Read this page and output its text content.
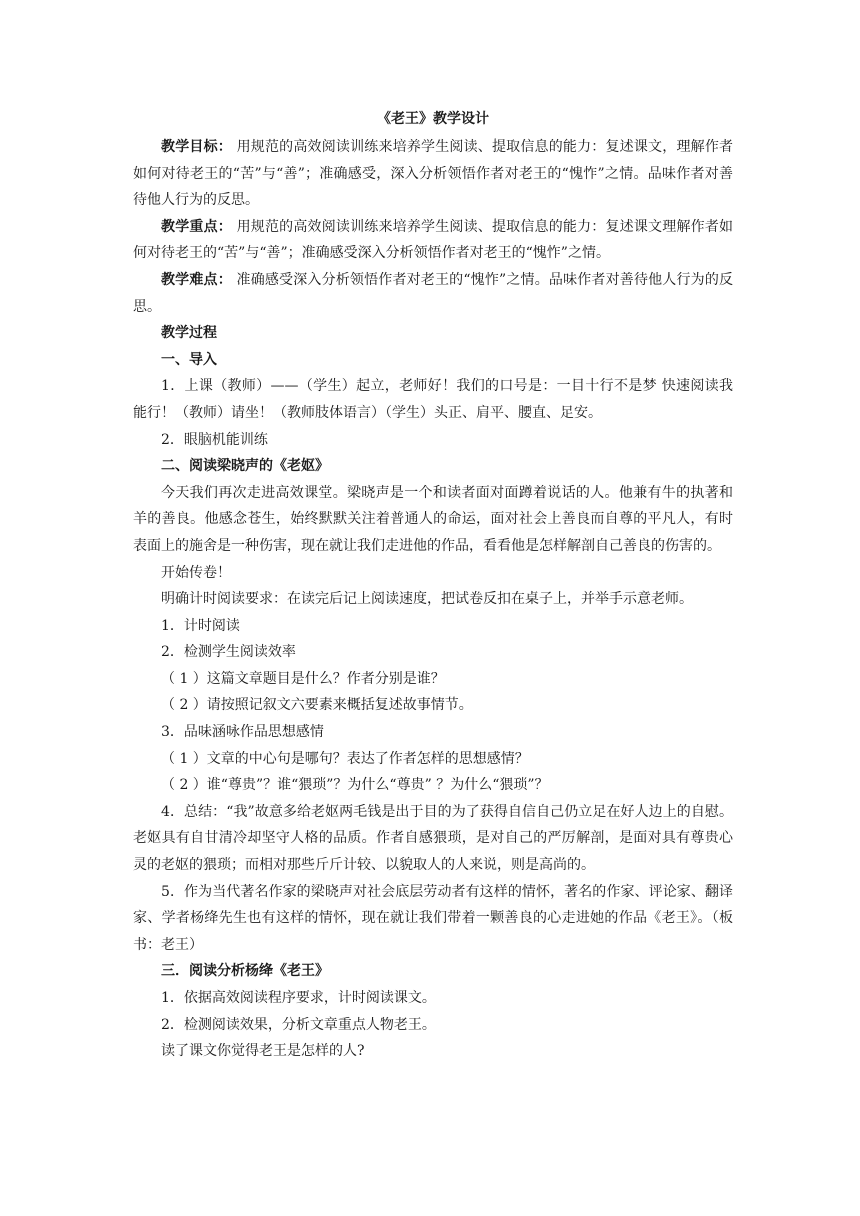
《老王》教学设计

教学目标： 用规范的高效阅读训练来培养学生阅读、提取信息的能力：复述课文，理解作者如何对待老王的“苦”与“善”；准确感受，深入分析领悟作者对老王的“愧怍”之情。品味作者对善待他人行为的反思。

教学重点： 用规范的高效阅读训练来培养学生阅读、提取信息的能力：复述课文理解作者如何对待老王的“苦”与“善”；准确感受深入分析领悟作者对老王的“愧怍”之情。

教学难点： 准确感受深入分析领悟作者对老王的“愧怍”之情。品味作者对善待他人行为的反思。

教学过程

一、导入

1．上课（教师）——（学生）起立，老师好！我们的口号是：一目十行不是梦 快速阅读我能行！（教师）请坐！（教师肢体语言）（学生）头正、肩平、腰直、足安。

2．眼脑机能训练

二、阅读梁晓声的《老妪》

今天我们再次走进高效课堂。梁晓声是一个和读者面对面蹲着说话的人。他兼有牛的执著和羊的善良。他感念苍生，始终默默关注着普通人的命运，面对社会上善良而自尊的平凡人，有时表面上的施舍是一种伤害，现在就让我们走进他的作品，看看他是怎样解剖自己善良的伤害的。

开始传卷！

明确计时阅读要求：在读完后记上阅读速度，把试卷反扣在桌子上，并举手示意老师。

1．计时阅读

2．检测学生阅读效率

（ 1 ）这篇文章题目是什么？作者分别是谁？

（ 2 ）请按照记叙文六要素来概括复述故事情节。

3．品味涵咏作品思想感情

（ 1 ）文章的中心句是哪句？表达了作者怎样的思想感情？

（ 2 ）谁“尊贵”？谁“猥琐”？为什么“尊贵” ？为什么“猥琐”？

4．总结：“我”故意多给老妪两毛钱是出于目的为了获得自信自己仍立足在好人边上的自慰。老妪具有自甘清冷却坚守人格的品质。作者自感猥琐，是对自己的严厉解剖，是面对具有尊贵心灵的老妪的猥琐；而相对那些斤斤计较、以貌取人的人来说，则是高尚的。

5．作为当代著名作家的梁晓声对社会底层劳动者有这样的情怀，著名的作家、评论家、翻译家、学者杨绛先生也有这样的情怀，现在就让我们带着一颗善良的心走进她的作品《老王》。（板书：老王）

三．阅读分析杨绛《老王》

1．依据高效阅读程序要求，计时阅读课文。

2．检测阅读效果，分析文章重点人物老王。

读了课文你觉得老王是怎样的人?
